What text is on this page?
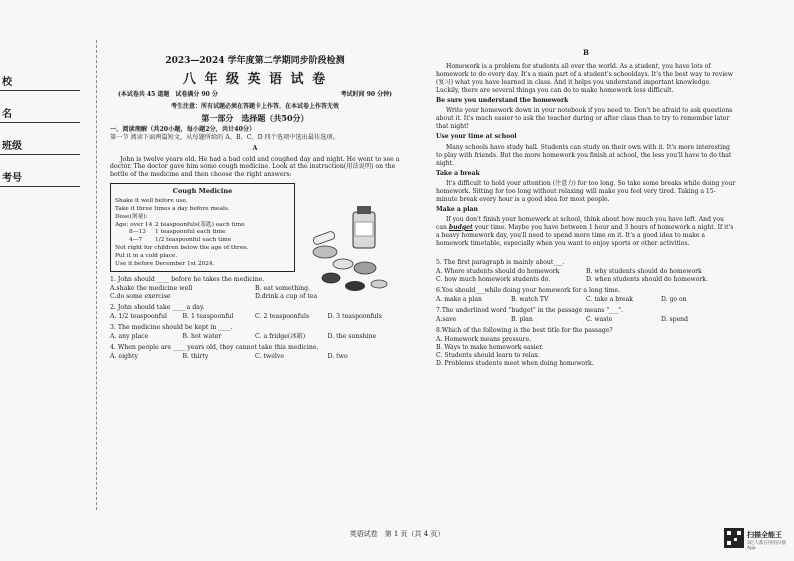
校
名
班级
考号
2023—2024 学年度第二学期同步阶段检测
八 年 级 英 语 试 卷
(本试卷共 45 道题　试卷满分 90 分	考试时间 90 分钟)
考生注意：所有试题必须在答题卡上作答，在本试卷上作答无效
第一部分　选择题（共50分）
一、阅读理解（共20小题，每小题2分，共计40分）
第一节 阅读下面两篇短文，从每题所给的 A、B、C、D 四个选项中选出最佳选项。
A
John is twelve years old. He had a bad cold and coughed day and night. He went to see a doctor. The doctor gave him some cough medicine. Look at the instruction(用法说明) on the bottle of the medicine and then choose the right answers:
Cough Medicine
Shake it well before use.
Take it three times a day before meals.
Dose(剂量):
Age: over 14 2 teaspoonfuls(茶匙) each time
8—13	1 teaspoonful each time
4—7	1/2 teaspoonful each time
Not right for children below the age of three.
Put it in a cold place.
Use it before December 1st 2024.
1. John should ____ before he takes the medicine.
A.shake the medicine well	B. eat something.
C.do some exercise	D.drink a cup of tea
2. John should take ____ a day.
A. 1/2 teaspoonful	B. 1 teaspoonful	C. 2 teaspoonfuls	D. 3 teaspoonfuls
3. The medicine should be kept in ____.
A. any place	B. hot water	C. a fridge(冰箱)	D. the sunshine
4. When people are ____ years old, they cannot take this medicine.
A. eighty	B. thirty	C. twelve	D. two
B
Homework is a problem for students all over the world. As a student, you have lots of homework to do every day. It's a main part of a student's schooldays. It's the best way to review (复习) what you have learned in class. And it helps you understand important knowledge. Luckily, there are several things you can do to make homework less difficult.
Be sure you understand the homework
Write your homework down in your notebook if you need to. Don't be afraid to ask questions about it. It's much easier to ask the teacher during or after class than to try to remember later that night!
Use your time at school
Many schools have study hall. Students can study on their own with it. It's more interesting to play with friends. But the more homework you finish at school, the less you'll have to do that night.
Take a break
It's difficult to hold your attention (注意力) for too long. So take some breaks while doing your homework. Sitting for too long without relaxing will make you feel very tired. Taking a 15-minute break every hour is a good idea for most people.
Make a plan
If you don't finish your homework at school, think about how much you have left. And you can budget your time. Maybe you have between 1 hour and 3 hours of homework a night. If it's a heavy homework day, you'll need to spend more time on it. It's a good idea to make a homework timetable, especially when you want to enjoy sports or other activities.
5. The first paragraph is mainly about___.
A. Where students should do homework	B. why students should do homework
C. how much homework students do.	D. when students should do homework.
6.You should___while doing your homework for a long time.
A. make a plan	B. watch TV	C. take a break	D. go on
7.The underlined word "budget" in the passage means "___".
A.save	B. plan	C. waste	D. spend
8.Which of the following is the best title for the passage?
A. Homework means pressure.
B. Ways to make homework easier.
C. Students should learn to relax.
D. Problems students meet when doing homework.
英语试卷　第 1 页（共 4 页）	扫描全能王
3亿人都在用的扫描App
